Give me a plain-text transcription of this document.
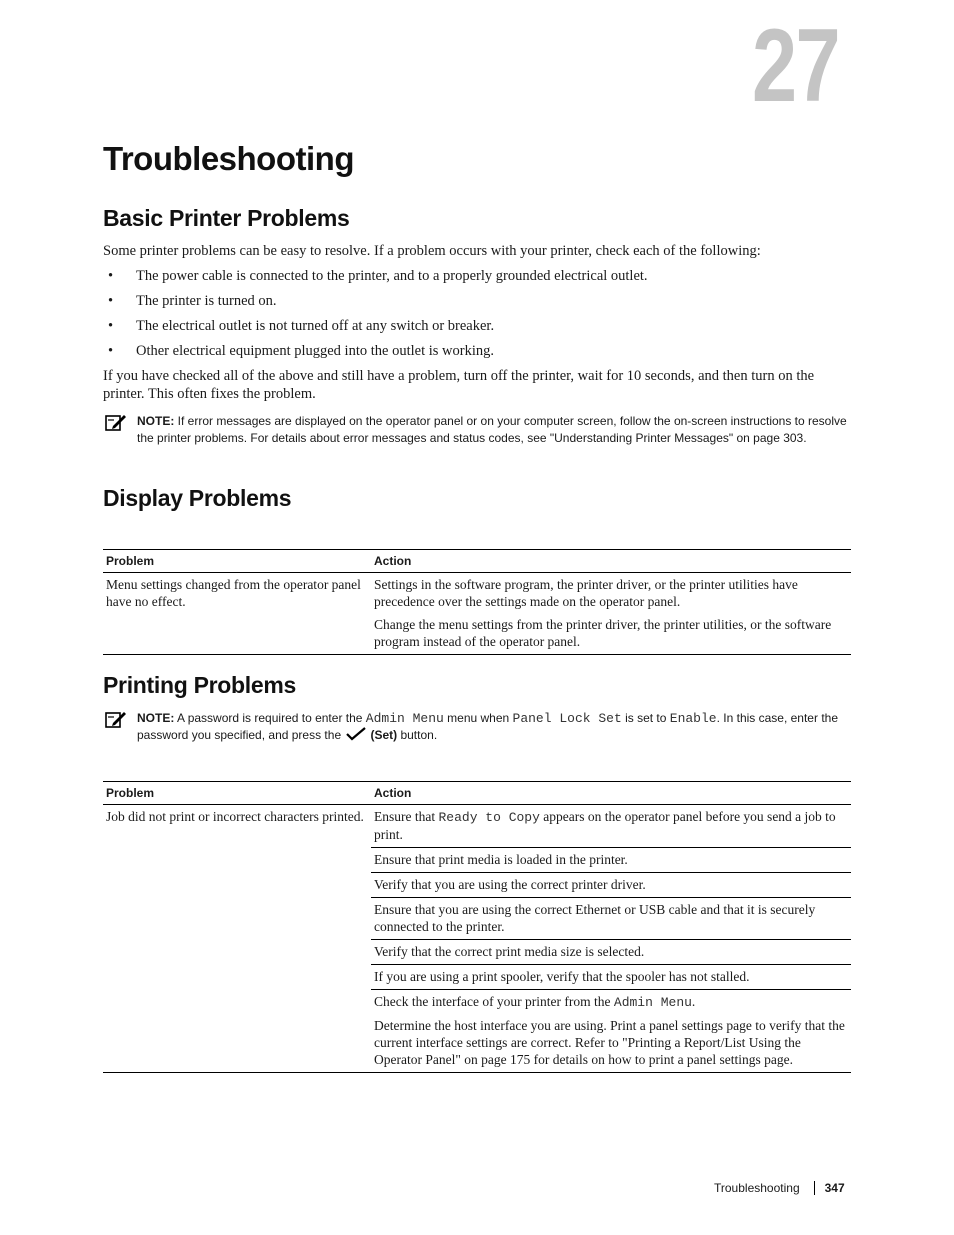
27
Troubleshooting
Basic Printer Problems

Some printer problems can be easy to resolve. If a problem occurs with your printer, check each of the following:

• The power cable is connected to the printer, and to a properly grounded electrical outlet.
• The printer is turned on.
• The electrical outlet is not turned off at any switch or breaker.
• Other electrical equipment plugged into the outlet is working.

If you have checked all of the above and still have a problem, turn off the printer, wait for 10 seconds, and then turn on the printer. This often fixes the problem.

NOTE: If error messages are displayed on the operator panel or on your computer screen, follow the on-screen instructions to resolve the printer problems. For details about error messages and status codes, see "Understanding Printer Messages" on page 303.
Display Problems
Problem	Action
Menu settings changed from the operator panel have no effect.	Settings in the software program, the printer driver, or the printer utilities have precedence over the settings made on the operator panel.
Change the menu settings from the printer driver, the printer utilities, or the software program instead of the operator panel.
Printing Problems
NOTE: A password is required to enter the Admin Menu menu when Panel Lock Set is set to Enable. In this case, enter the password you specified, and press the (Set) button.
Problem	Action
Job did not print or incorrect characters printed.	Ensure that Ready to Copy appears on the operator panel before you send a job to print.
	Ensure that print media is loaded in the printer.
	Verify that you are using the correct printer driver.
	Ensure that you are using the correct Ethernet or USB cable and that it is securely connected to the printer.
	Verify that the correct print media size is selected.
	If you are using a print spooler, verify that the spooler has not stalled.

	Check the interface of your printer from the Admin Menu.
Determine the host interface you are using. Print a panel settings page to verify that the current interface settings are correct. Refer to "Printing a Report/List Using the Operator Panel" on page 175 for details on how to print a panel settings page.
Troubleshooting 347
